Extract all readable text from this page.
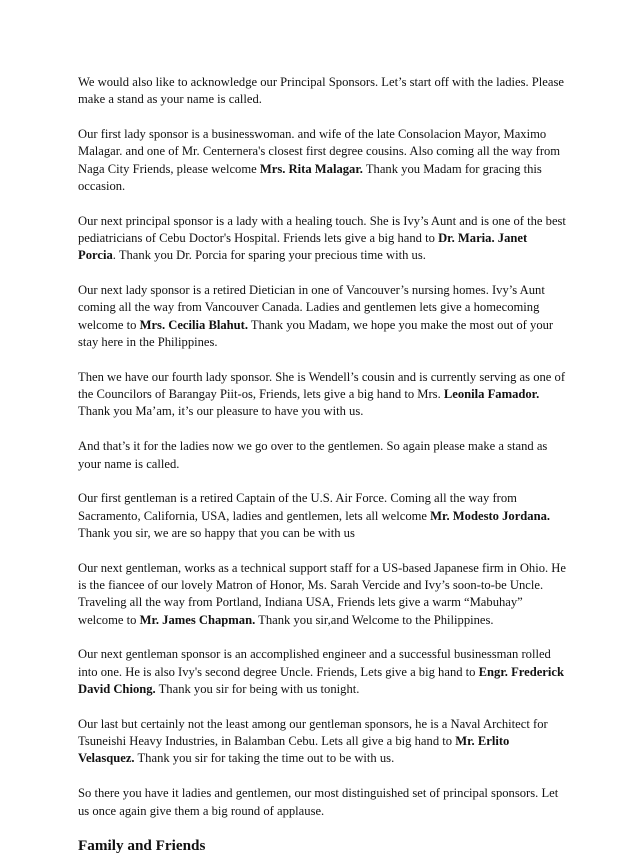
We would also like to acknowledge our Principal Sponsors. Let’s start off with the ladies. Please make a stand as your name is called.

Our first lady sponsor is a businesswoman. and wife of the late Consolacion Mayor, Maximo Malagar. and one of Mr. Centernera's closest first degree cousins. Also coming all the way from Naga City Friends, please welcome Mrs. Rita Malagar. Thank you Madam for gracing this occasion.

Our next principal sponsor is a lady with a healing touch. She is Ivy’s Aunt and is one of the best pediatricians of Cebu Doctor's Hospital. Friends lets give a big hand to Dr. Maria. Janet Porcia. Thank you Dr. Porcia for sparing your precious time with us.

Our next lady sponsor is a retired Dietician in one of Vancouver’s nursing homes. Ivy’s Aunt coming all the way from Vancouver Canada. Ladies and gentlemen lets give a homecoming welcome to Mrs. Cecilia Blahut. Thank you Madam, we hope you make the most out of your stay here in the Philippines.

Then we have our fourth lady sponsor. She is Wendell’s cousin and is currently serving as one of the Councilors of Barangay Piit-os, Friends, lets give a big hand to Mrs. Leonila Famador. Thank you Ma’am, it’s our pleasure to have you with us.

And that’s it for the ladies now we go over to the gentlemen. So again please make a stand as your name is called.

Our first gentleman is a retired Captain of the U.S. Air Force. Coming all the way from Sacramento, California, USA, ladies and gentlemen, lets all welcome Mr. Modesto Jordana. Thank you sir, we are so happy that you can be with us

Our next gentleman, works as a technical support staff for a US-based Japanese firm in Ohio. He is the fiancee of our lovely Matron of Honor, Ms. Sarah Vercide and Ivy’s soon-to-be Uncle. Traveling all the way from Portland, Indiana USA, Friends lets give a warm “Mabuhay” welcome to Mr. James Chapman. Thank you sir,and Welcome to the Philippines.

Our next gentleman sponsor is an accomplished engineer and a successful businessman rolled into one. He is also Ivy's second degree Uncle. Friends, Lets give a big hand to Engr. Frederick David Chiong. Thank you sir for being with us tonight.

Our last but certainly not the least among our gentleman sponsors, he is a Naval Architect for Tsuneishi Heavy Industries, in Balamban Cebu. Lets all give a big hand to Mr. Erlito Velasquez. Thank you sir for taking the time out to be with us.

So there you have it ladies and gentlemen, our most distinguished set of principal sponsors. Let us once again give them a big round of applause.

Family and Friends
